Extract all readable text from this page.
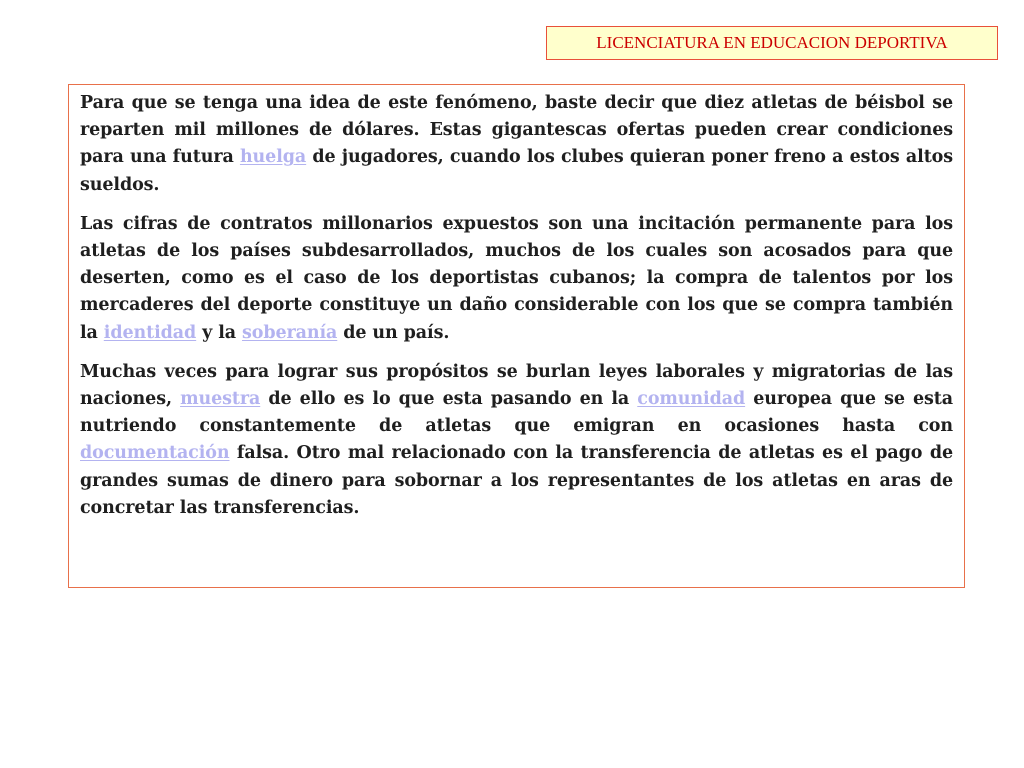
LICENCIATURA EN EDUCACION DEPORTIVA

Para que se tenga una idea de este fenómeno, baste decir que diez atletas de béisbol se reparten mil millones de dólares. Estas gigantescas ofertas pueden crear condiciones para una futura huelga de jugadores, cuando los clubes quieran poner freno a estos altos sueldos.

Las cifras de contratos millonarios expuestos son una incitación permanente para los atletas de los países subdesarrollados, muchos de los cuales son acosados para que deserten, como es el caso de los deportistas cubanos; la compra de talentos por los mercaderes del deporte constituye un daño considerable con los que se compra también la identidad y la soberanía de un país.

Muchas veces para lograr sus propósitos se burlan leyes laborales y migratorias de las naciones, muestra de ello es lo que esta pasando en la comunidad europea que se esta nutriendo constantemente de atletas que emigran en ocasiones hasta con documentación falsa. Otro mal relacionado con la transferencia de atletas es el pago de grandes sumas de dinero para sobornar a los representantes de los atletas en aras de concretar las transferencias.
